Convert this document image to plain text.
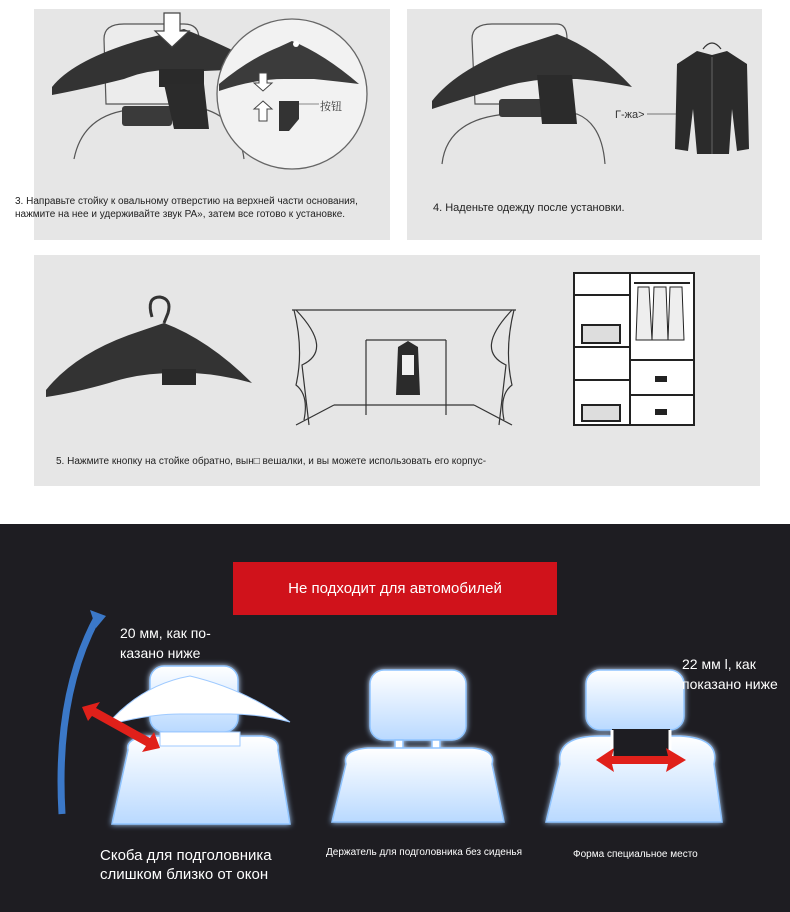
按钮
3. Направьте стойку к овальному отверстию на верхней части основания,
нажмите на нее и удерживайте звук PA», затем все готово к установке.
Г-жа>
4. Наденьте одежду после установки.
5. Нажмите кнопку на стойке обратно, вын□ вешалки, и вы можете использовать его корпус-
Не подходит для автомобилей
20 мм, как по-
казано ниже
22 мм l, как
показано ниже
Скоба для подголовника
слишком близко от окон
Держатель для подголовника без сиденья	Форма специальное место
